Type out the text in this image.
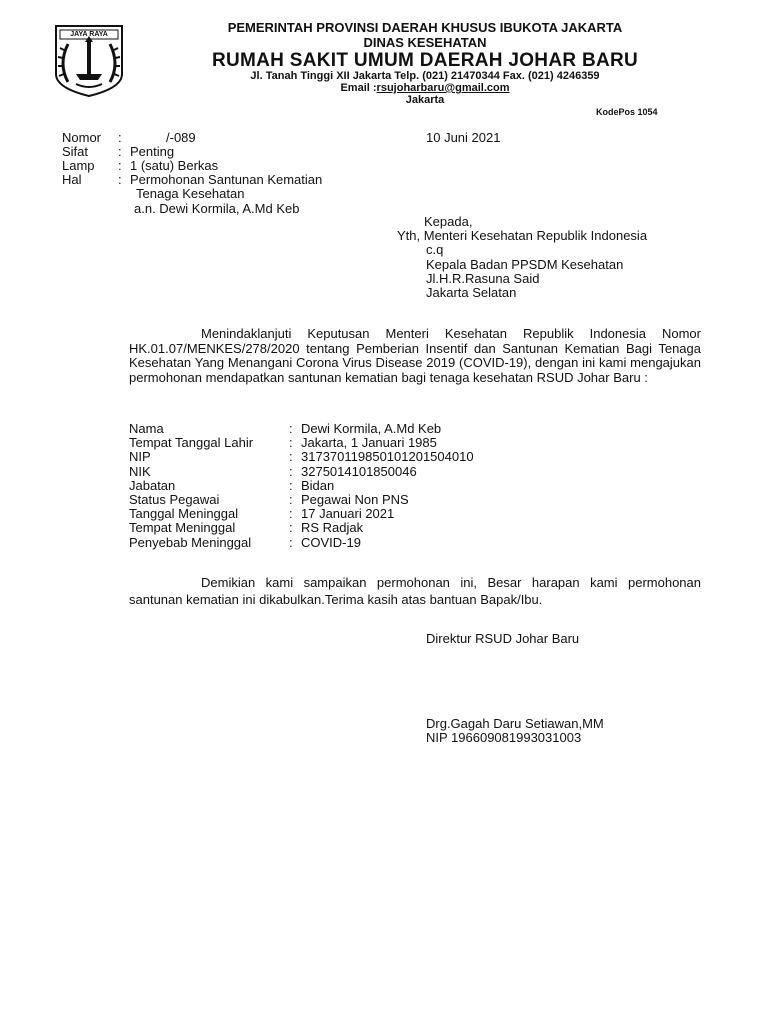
JAYA RAYA	PEMERINTAH PROVINSI DAERAH KHUSUS IBUKOTA JAKARTA
DINAS KESEHATAN
RUMAH SAKIT UMUM DAERAH JOHAR BARU
Jl. Tanah Tinggi XII Jakarta Telp. (021) 21470344 Fax. (021) 4246359
Email :rsujoharbaru@gmail.com
Jakarta
KodePos 1054
Nomor :	/-089
Sifat : Penting
Lamp : 1 (satu) Berkas
Hal	: Permohonan Santunan Kematian
Tenaga Kesehatan
a.n. Dewi Kormila, A.Md Keb
10 Juni 2021
Kepada,
Yth, Menteri Kesehatan Republik Indonesia
c.q
Kepala Badan PPSDM Kesehatan
Jl.H.R.Rasuna Said
Jakarta Selatan

Menindaklanjuti Keputusan Menteri Kesehatan Republik Indonesia Nomor HK.01.07/MENKES/278/2020 tentang Pemberian Insentif dan Santunan Kematian Bagi Tenaga Kesehatan Yang Menangani Corona Virus Disease 2019 (COVID-19), dengan ini kami mengajukan permohonan mendapatkan santunan kematian bagi tenaga kesehatan RSUD Johar Baru :

Nama	: Dewi Kormila, A.Md Keb
Tempat Tanggal Lahir	: Jakarta, 1 Januari 1985
NIP	: 317370119850101201504010
NIK	: 3275014101850046
Jabatan	: Bidan
Status Pegawai	: Pegawai Non PNS
Tanggal Meninggal	: 17 Januari 2021
Tempat Meninggal	: RS Radjak
Penyebab Meninggal	: COVID-19

Demikian kami sampaikan permohonan ini, Besar harapan kami permohonan santunan kematian ini dikabulkan.Terima kasih atas bantuan Bapak/Ibu.

Direktur RSUD Johar Baru
Drg.Gagah Daru Setiawan,MM
NIP 196609081993031003
